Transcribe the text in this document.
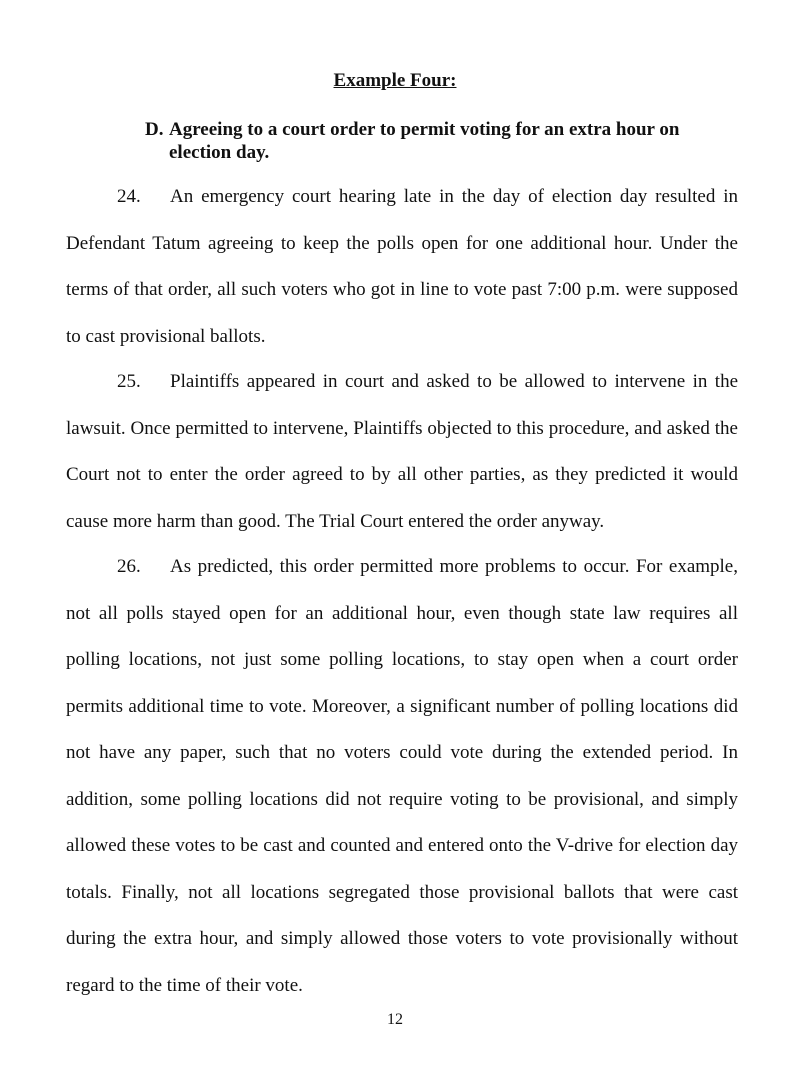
Example Four:
D. Agreeing to a court order to permit voting for an extra hour on election day.

24. An emergency court hearing late in the day of election day resulted in Defendant Tatum agreeing to keep the polls open for one additional hour. Under the terms of that order, all such voters who got in line to vote past 7:00 p.m. were supposed to cast provisional ballots.

25. Plaintiffs appeared in court and asked to be allowed to intervene in the lawsuit. Once permitted to intervene, Plaintiffs objected to this procedure, and asked the Court not to enter the order agreed to by all other parties, as they predicted it would cause more harm than good. The Trial Court entered the order anyway.

26. As predicted, this order permitted more problems to occur. For example, not all polls stayed open for an additional hour, even though state law requires all polling locations, not just some polling locations, to stay open when a court order permits additional time to vote. Moreover, a significant number of polling locations did not have any paper, such that no voters could vote during the extended period. In addition, some polling locations did not require voting to be provisional, and simply allowed these votes to be cast and counted and entered onto the V-drive for election day totals. Finally, not all locations segregated those provisional ballots that were cast during the extra hour, and simply allowed those voters to vote provisionally without regard to the time of their vote.

12
